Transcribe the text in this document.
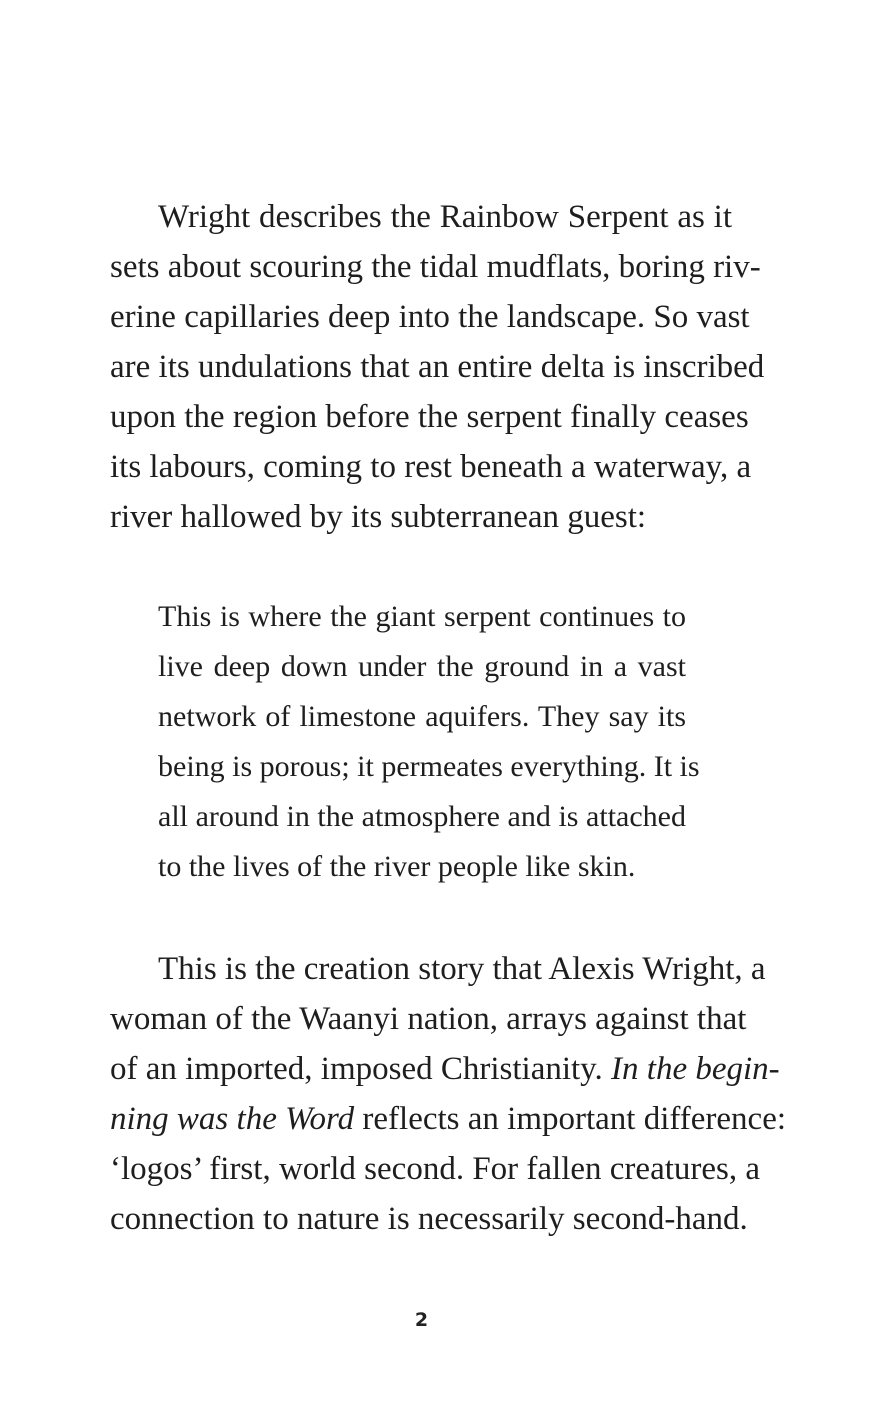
Wright describes the Rainbow Serpent as it

sets about scouring the tidal mudflats, boring riv-

erine capillaries deep into the landscape. So vast

are its undulations that an entire delta is inscribed

upon the region before the serpent finally ceases

its labours, coming to rest beneath a waterway, a

river hallowed by its subterranean guest:

This is where the giant serpent continues to

live deep down under the ground in a vast

network of limestone aquifers. They say its

being is porous; it permeates everything. It is

all around in the atmosphere and is attached

to the lives of the river people like skin.

This is the creation story that Alexis Wright, a

woman of the Waanyi nation, arrays against that

of an imported, imposed Christianity. In the begin-

ning was the Word reflects an important difference:

‘logos’ first, world second. For fallen creatures, a

connection to nature is necessarily second-hand.

2
